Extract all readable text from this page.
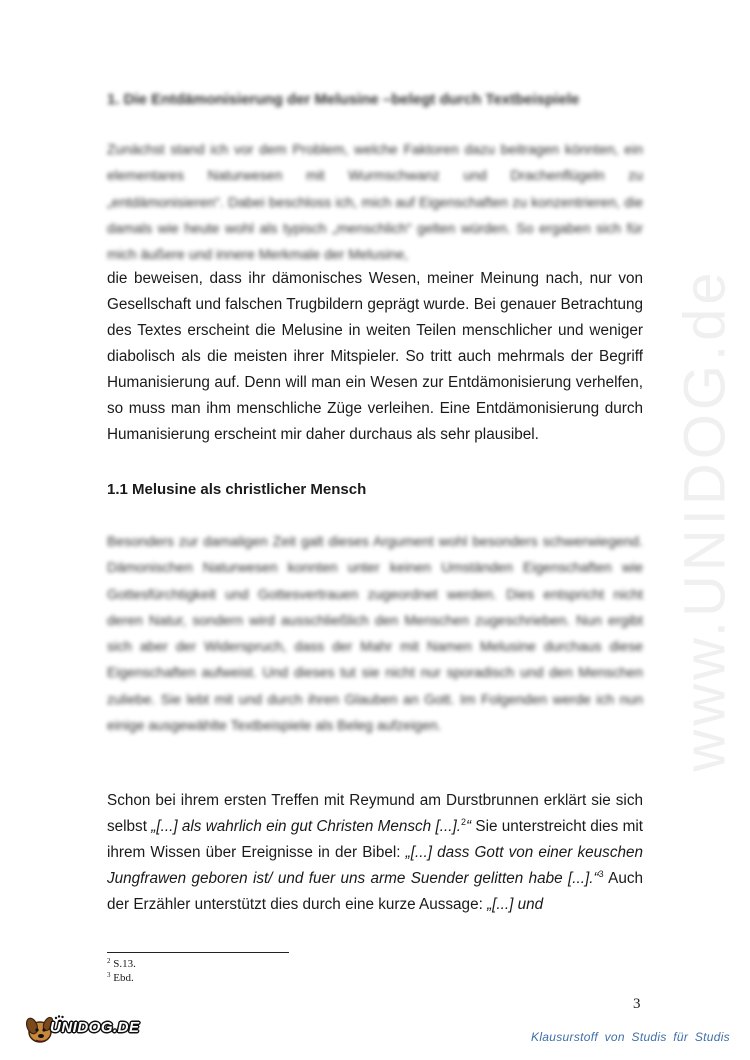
www.UNIDOG.de
1. Die Entdämonisierung der Melusine –belegt durch Textbeispiele

Zunächst stand ich vor dem Problem, welche Faktoren dazu beitragen könnten, ein elementares Naturwesen mit Wurmschwanz und Drachenflügeln zu „entdämonisieren“. Dabei beschloss ich, mich auf Eigenschaften zu konzentrieren, die damals wie heute wohl als typisch „menschlich“ gelten würden. So ergaben sich für mich äußere und innere Merkmale der Melusine,

die beweisen, dass ihr dämonisches Wesen, meiner Meinung nach, nur von Gesellschaft und falschen Trugbildern geprägt wurde. Bei genauer Betrachtung des Textes erscheint die Melusine in weiten Teilen menschlicher und weniger diabolisch als die meisten ihrer Mitspieler. So tritt auch mehrmals der Begriff Humanisierung auf. Denn will man ein Wesen zur Entdämonisierung verhelfen, so muss man ihm menschliche Züge verleihen. Eine Entdämonisierung durch Humanisierung erscheint mir daher durchaus als sehr plausibel.

1.1 Melusine als christlicher Mensch

Besonders zur damaligen Zeit galt dieses Argument wohl besonders schwerwiegend. Dämonischen Naturwesen konnten unter keinen Umständen Eigenschaften wie Gottesfürchtigkeit und Gottesvertrauen zugeordnet werden. Dies entspricht nicht deren Natur, sondern wird ausschließlich den Menschen zugeschrieben. Nun ergibt sich aber der Widerspruch, dass der Mahr mit Namen Melusine durchaus diese Eigenschaften aufweist. Und dieses tut sie nicht nur sporadisch und den Menschen zuliebe. Sie lebt mit und durch ihren Glauben an Gott. Im Folgenden werde ich nun einige ausgewählte Textbeispiele als Beleg aufzeigen.

Schon bei ihrem ersten Treffen mit Reymund am Durstbrunnen erklärt sie sich selbst „[...] als wahrlich ein gut Christen Mensch [...].$^2$“ Sie unterstreicht dies mit ihrem Wissen über Ereignisse in der Bibel: „[...] dass Gott von einer keuschen Jungfrawen geboren ist/ und fuer uns arme Suender gelitten habe [...].“$^3$ Auch der Erzähler unterstützt dies durch eine kurze Aussage: „[...] und

$^2$ S.13.
$^3$ Ebd.
3
UNIDOG.DE
Klausurstoff von Studis für Studis
